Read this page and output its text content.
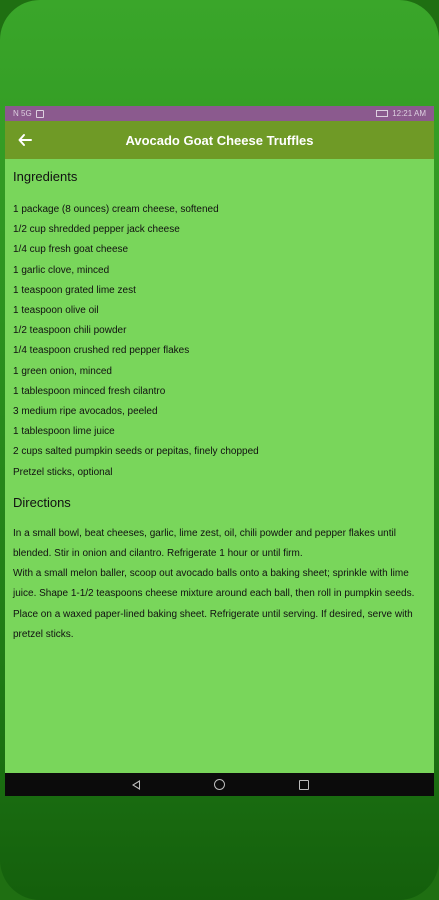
N 5G	12:21 AM
Avocado Goat Cheese Truffles
Ingredients
1 package (8 ounces) cream cheese, softened
1/2 cup shredded pepper jack cheese
1/4 cup fresh goat cheese
1 garlic clove, minced
1 teaspoon grated lime zest
1 teaspoon olive oil
1/2 teaspoon chili powder
1/4 teaspoon crushed red pepper flakes
1 green onion, minced
1 tablespoon minced fresh cilantro
3 medium ripe avocados, peeled
1 tablespoon lime juice
2 cups salted pumpkin seeds or pepitas, finely chopped
Pretzel sticks, optional
Directions
In a small bowl, beat cheeses, garlic, lime zest, oil, chili powder and pepper flakes until blended. Stir in onion and cilantro. Refrigerate 1 hour or until firm.
With a small melon baller, scoop out avocado balls onto a baking sheet; sprinkle with lime juice. Shape 1-1/2 teaspoons cheese mixture around each ball, then roll in pumpkin seeds. Place on a waxed paper-lined baking sheet. Refrigerate until serving. If desired, serve with pretzel sticks.
